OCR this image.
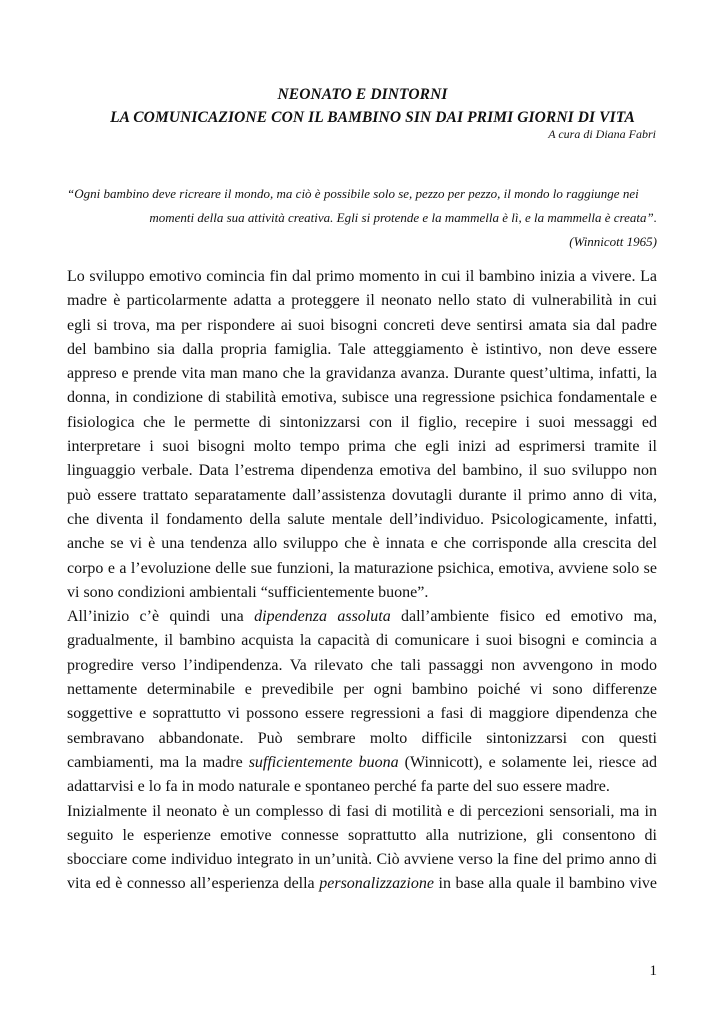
NEONATO E DINTORNI
LA COMUNICAZIONE CON IL BAMBINO SIN DAI PRIMI GIORNI DI VITA
A cura di Diana Fabri
“Ogni bambino deve ricreare il mondo, ma ciò è possibile solo se, pezzo per pezzo, il mondo lo raggiunge nei
momenti della sua attività creativa. Egli si protende e la mammella è lì, e la mammella è creata”.
(Winnicott 1965)
Lo sviluppo emotivo comincia fin dal primo momento in cui il bambino inizia a vivere. La
madre è particolarmente adatta a proteggere il neonato nello stato di vulnerabilità in cui
egli si trova, ma per rispondere ai suoi bisogni concreti deve sentirsi amata sia dal padre
del bambino sia dalla propria famiglia. Tale atteggiamento è istintivo, non deve essere
appreso e prende vita man mano che la gravidanza avanza. Durante quest’ultima, infatti, la
donna, in condizione di stabilità emotiva, subisce una regressione psichica fondamentale e
fisiologica che le permette di sintonizzarsi con il figlio, recepire i suoi messaggi ed
interpretare i suoi bisogni molto tempo prima che egli inizi ad esprimersi tramite il
linguaggio verbale. Data l’estrema dipendenza emotiva del bambino, il suo sviluppo non
può essere trattato separatamente dall’assistenza dovutagli durante il primo anno di vita,
che diventa il fondamento della salute mentale dell’individuo. Psicologicamente, infatti,
anche se vi è una tendenza allo sviluppo che è innata e che corrisponde alla crescita del
corpo e a l’evoluzione delle sue funzioni, la maturazione psichica, emotiva, avviene solo se
vi sono condizioni ambientali “sufficientemente buone”.
All’inizio c’è quindi una dipendenza assoluta dall’ambiente fisico ed emotivo ma,
gradualmente, il bambino acquista la capacità di comunicare i suoi bisogni e comincia a
progredire verso l’indipendenza. Va rilevato che tali passaggi non avvengono in modo
nettamente determinabile e prevedibile per ogni bambino poiché vi sono differenze
soggettive e soprattutto vi possono essere regressioni a fasi di maggiore dipendenza che
sembravano abbandonate. Può sembrare molto difficile sintonizzarsi con questi
cambiamenti, ma la madre sufficientemente buona (Winnicott), e solamente lei, riesce ad
adattarvisi e lo fa in modo naturale e spontaneo perché fa parte del suo essere madre.
Inizialmente il neonato è un complesso di fasi di motilità e di percezioni sensoriali, ma in
seguito le esperienze emotive connesse soprattutto alla nutrizione, gli consentono di
sbocciare come individuo integrato in un’unità. Ciò avviene verso la fine del primo anno di
vita ed è connesso all’esperienza della personalizzazione in base alla quale il bambino vive
1
